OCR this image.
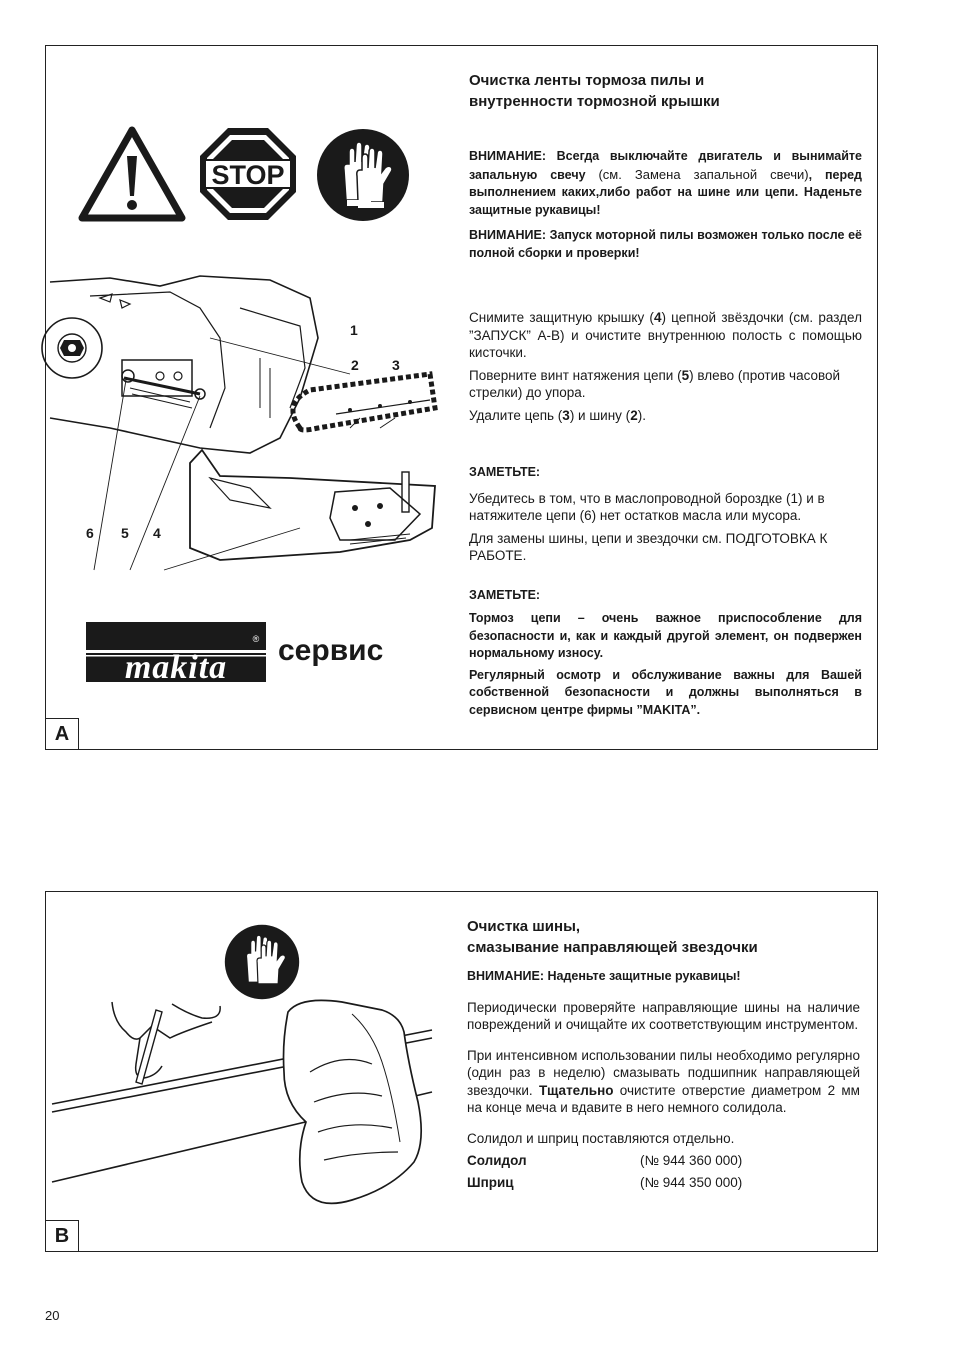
STOP
1
2 3
6 5 4
makita
® сервис
Очистка ленты тормоза пилы и внутренности тормозной крышки

ВНИМАНИЕ: Всегда выключайте двигатель и вынимайте запальную свечу (см. Замена запальной свечи), перед выполнением каких,либо работ на шине или цепи. Наденьте защитные рукавицы!

ВНИМАНИЕ: Запуск моторной пилы возможен только после её полной сборки и проверки!

Снимите защитную крышку (4) цепной звёздочки (см. раздел ”ЗАПУСК” A-B) и очистите внутреннюю полость с помощью кисточки.

Поверните винт натяжения цепи (5) влево (против часовой стрелки) до упора.

Удалите цепь (3) и шину (2).

ЗАМЕТЬТЕ:

Убедитесь в том, что в маслопроводной бороздке (1) и в натяжителе цепи (6) нет остатков масла или мусора.

Для замены шины, цепи и звездочки см. ПОДГОТОВКА К РАБОТЕ.

ЗАМЕТЬТЕ:

Тормоз цепи – очень важное приспособление для безопасности и, как и каждый другой элемент, он подвержен нормальному износу.

Регулярный осмотр и обслуживание важны для Вашей собственной безопасности и должны выполняться в сервисном центре фирмы ”MAKITA”.

A
Очистка шины,
смазывание направляющей звездочки

ВНИМАНИЕ: Наденьте защитные рукавицы!

Периодически проверяйте направляющие шины на наличие повреждений и очищайте их соответствующим инструментом.

При интенсивном использовании пилы необходимо регулярно (один раз в неделю) смазывать подшипник направляющей звездочки. Тщательно очистите отверстие диаметром 2 мм на конце меча и вдавите в него немного солидола.

Солидол и шприц поставляются отдельно.

Солидол	(№ 944 360 000)
Шприц	(№ 944 350 000)
B
20
